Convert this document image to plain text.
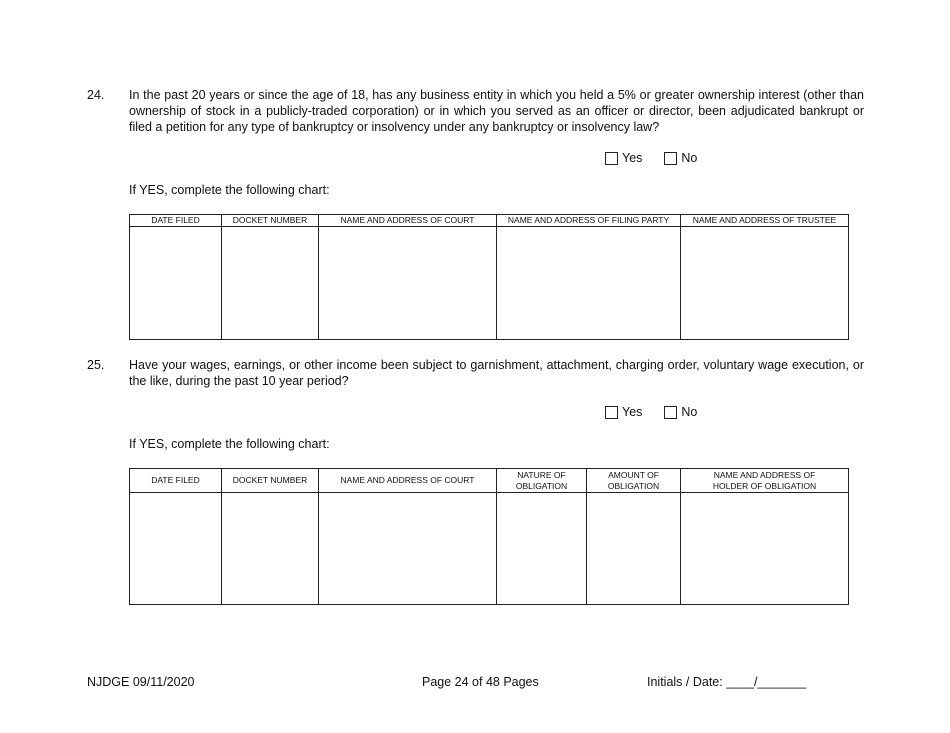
24. In the past 20 years or since the age of 18, has any business entity in which you held a 5% or greater ownership interest (other than ownership of stock in a publicly-traded corporation) or in which you served as an officer or director, been adjudicated bankrupt or filed a petition for any type of bankruptcy or insolvency under any bankruptcy or insolvency law?
Yes	No
If YES, complete the following chart:
DATE FILED	DOCKET NUMBER	NAME AND ADDRESS OF COURT	NAME AND ADDRESS OF FILING PARTY	NAME AND ADDRESS OF TRUSTEE

25. Have your wages, earnings, or other income been subject to garnishment, attachment, charging order, voluntary wage execution, or the like, during the past 10 year period?
Yes	No
If YES, complete the following chart:
DATE FILED	DOCKET NUMBER	NAME AND ADDRESS OF COURT	NATURE OF OBLIGATION	AMOUNT OF OBLIGATION	NAME AND ADDRESS OF HOLDER OF OBLIGATION

NJDGE 09/11/2020	Page 24 of 48 Pages	Initials / Date: ____/_______
